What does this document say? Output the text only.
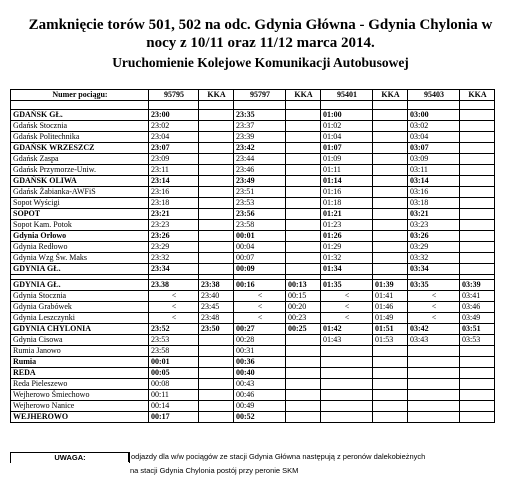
Zamknięcie torów 501, 502 na odc. Gdynia Główna - Gdynia Chylonia w
nocy z 10/11 oraz 11/12 marca 2014.
Uruchomienie Kolejowe Komunikacji Autobusowej
Numer pociągu:	95795	KKA	95797	KKA	95401	KKA	95403	KKA

GDAŃSK GŁ.	23:00		23:35		01:00		03:00	
Gdańsk Stocznia	23:02		23:37		01:02		03:02	
Gdańsk Politechnika	23:04		23:39		01:04		03:04	
GDAŃSK WRZESZCZ	23:07		23:42		01:07		03:07	
Gdańsk Zaspa	23:09		23:44		01:09		03:09	
Gdańsk Przymorze-Uniw.	23:11		23:46		01:11		03:11	
GDAŃSK OLIWA	23:14		23:49		01:14		03:14	
Gdańsk Żabianka-AWFiS	23:16		23:51		01:16		03:16	
Sopot Wyścigi	23:18		23:53		01:18		03:18	
SOPOT	23:21		23:56		01:21		03:21	
Sopot Kam. Potok	23:23		23:58		01:23		03:23	
Gdynia Orłowo	23:26		00:01		01:26		03:26	
Gdynia Redłowo	23:29		00:04		01:29		03:29	
Gdynia Wzg Św. Maks	23:32		00:07		01:32		03:32	
GDYNIA GŁ.	23:34		00:09		01:34		03:34	

GDYNIA GŁ.	23.38	23:38	00:16	00:13	01:35	01:39	03:35	03:39
Gdynia Stocznia	<	23:40	<	00:15	<	01:41	<	03:41
Gdynia Grabówek	<	23:45	<	00:20	<	01:46	<	03:46
Gdynia Leszczynki	<	23:48	<	00:23	<	01:49	<	03:49
GDYNIA CHYLONIA	23:52	23:50	00:27	00:25	01:42	01:51	03:42	03:51
Gdynia Cisowa	23:53		00:28		01:43	01:53	03:43	03:53
Rumia Janowo	23:58		00:31					
Rumia	00:01		00:36					
REDA	00:05		00:40					
Reda Pieleszewo	00:08		00:43					
Wejherowo Śmiechowo	00:11		00:46					
Wejherowo Nanice	00:14		00:49					
WEJHEROWO	00:17		00:52					
UWAGA:	odjazdy dla w/w pociągów ze stacji Gdynia Główna następują z peronów dalekobieżnych
na stacji Gdynia Chylonia postój przy peronie SKM
